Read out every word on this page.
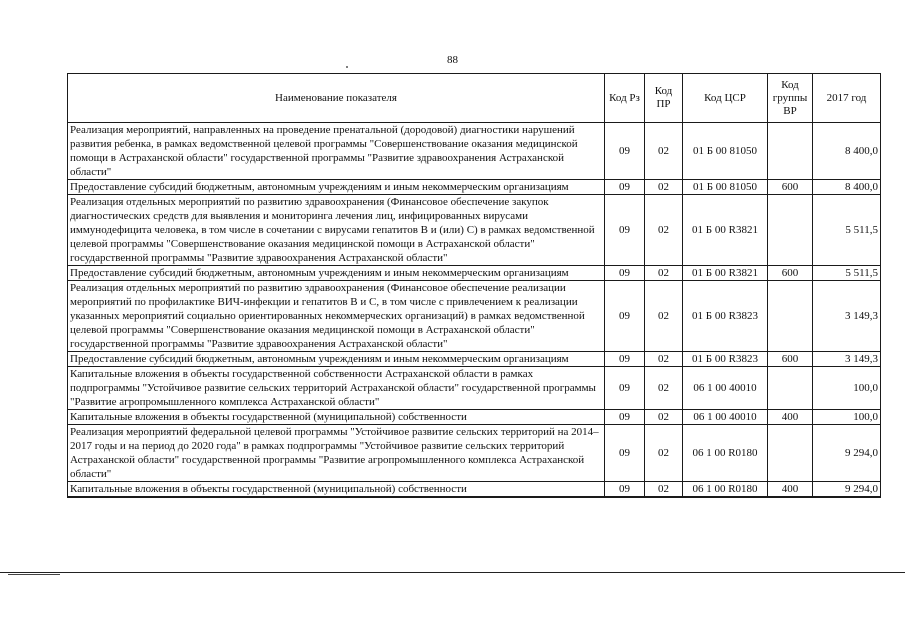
88
Наименование показателя	Код Рз	Код ПР	Код ЦСР	Код группы ВР	2017 год
Реализация мероприятий, направленных на проведение пренатальной (дородовой) диагностики нарушений развития ребенка, в рамках ведомственной целевой программы "Совершенствование оказания медицинской помощи в Астраханской области" государственной программы "Развитие здравоохранения Астраханской области"	09	02	01 Б 00 81050		8 400,0
Предоставление субсидий бюджетным, автономным учреждениям и иным некоммерческим организациям	09	02	01 Б 00 81050	600	8 400,0
Реализация отдельных мероприятий по развитию здравоохранения (Финансовое обеспечение закупок диагностических средств для выявления и мониторинга лечения лиц, инфицированных вирусами иммунодефицита человека, в том числе в сочетании с вирусами гепатитов В и (или) С) в рамках ведомственной целевой программы "Совершенствование оказания медицинской помощи в Астраханской области" государственной программы "Развитие здравоохранения Астраханской области"	09	02	01 Б 00 R3821		5 511,5
Предоставление субсидий бюджетным, автономным учреждениям и иным некоммерческим организациям	09	02	01 Б 00 R3821	600	5 511,5
Реализация отдельных мероприятий по развитию здравоохранения (Финансовое обеспечение реализации мероприятий по профилактике ВИЧ-инфекции и гепатитов В и С, в том числе с привлечением к реализации указанных мероприятий социально ориентированных некоммерческих организаций) в рамках ведомственной целевой программы "Совершенствование оказания медицинской помощи в Астраханской области" государственной программы "Развитие здравоохранения Астраханской области"	09	02	01 Б 00 R3823		3 149,3
Предоставление субсидий бюджетным, автономным учреждениям и иным некоммерческим организациям	09	02	01 Б 00 R3823	600	3 149,3
Капитальные вложения в объекты государственной собственности Астраханской области в рамках подпрограммы "Устойчивое развитие сельских территорий Астраханской области" государственной программы "Развитие агропромышленного комплекса Астраханской области"	09	02	06 1 00 40010		100,0
Капитальные вложения в объекты государственной (муниципальной) собственности	09	02	06 1 00 40010	400	100,0
Реализация мероприятий федеральной целевой программы "Устойчивое развитие сельских территорий на 2014–2017 годы и на период до 2020 года" в рамках подпрограммы "Устойчивое развитие сельских территорий Астраханской области" государственной программы "Развитие агропромышленного комплекса Астраханской области"	09	02	06 1 00 R0180		9 294,0
Капитальные вложения в объекты государственной (муниципальной) собственности	09	02	06 1 00 R0180	400	9 294,0
